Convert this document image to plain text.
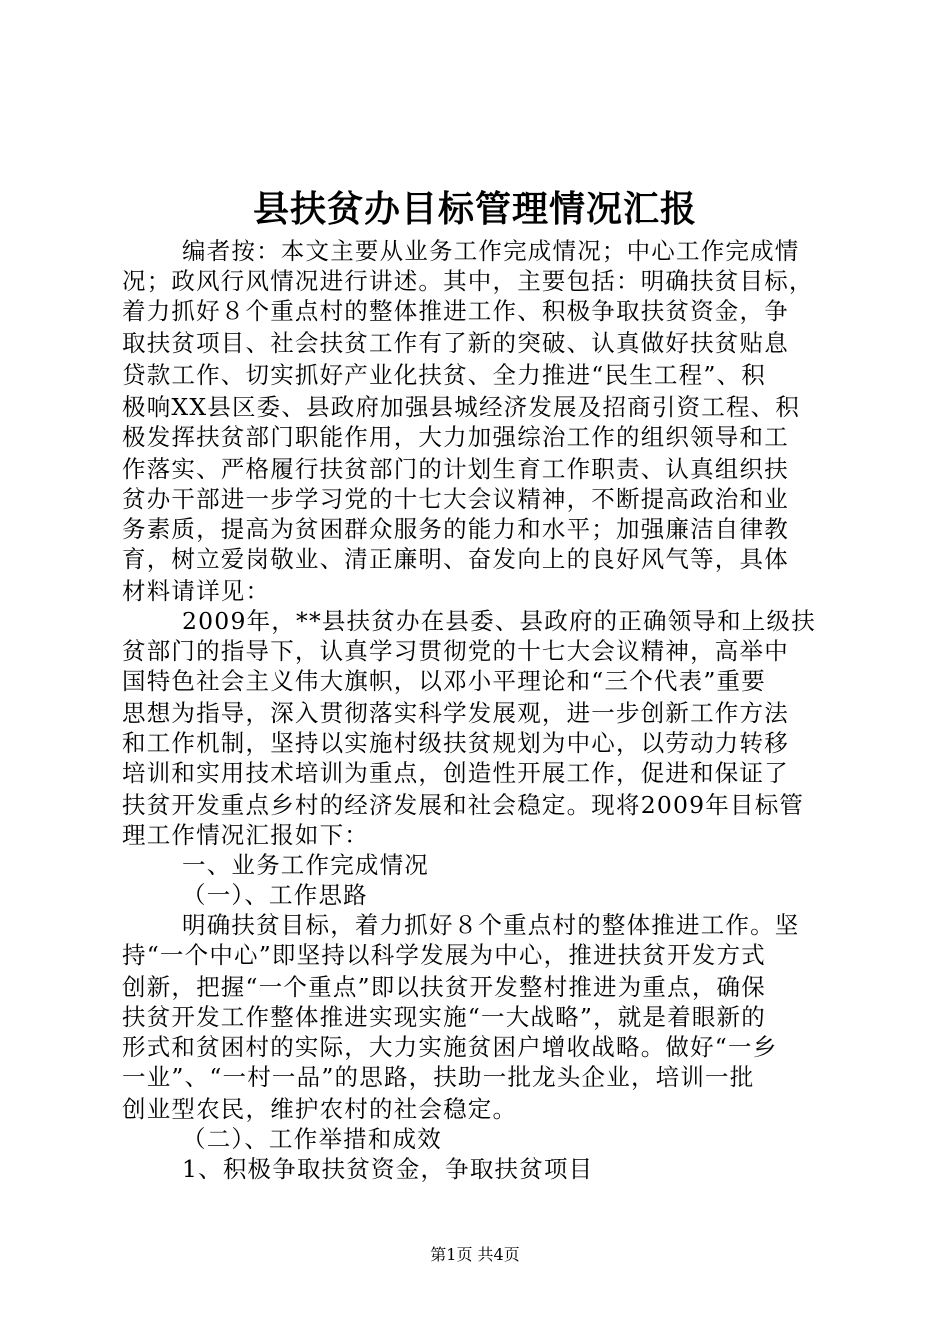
县扶贫办目标管理情况汇报
编者按：本文主要从业务工作完成情况；中心工作完成情
况；政风行风情况进行讲述。其中，主要包括：明确扶贫目标，
着力抓好８个重点村的整体推进工作、积极争取扶贫资金，争
取扶贫项目、社会扶贫工作有了新的突破、认真做好扶贫贴息
贷款工作、切实抓好产业化扶贫、全力推进“民生工程”、积
极响XX县区委、县政府加强县城经济发展及招商引资工程、积
极发挥扶贫部门职能作用，大力加强综治工作的组织领导和工
作落实、严格履行扶贫部门的计划生育工作职责、认真组织扶
贫办干部进一步学习党的十七大会议精神，不断提高政治和业
务素质，提高为贫困群众服务的能力和水平；加强廉洁自律教
育，树立爱岗敬业、清正廉明、奋发向上的良好风气等，具体
材料请详见：
2009年，**县扶贫办在县委、县政府的正确领导和上级扶
贫部门的指导下，认真学习贯彻党的十七大会议精神，高举中
国特色社会主义伟大旗帜，以邓小平理论和“三个代表”重要
思想为指导，深入贯彻落实科学发展观，进一步创新工作方法
和工作机制，坚持以实施村级扶贫规划为中心，以劳动力转移
培训和实用技术培训为重点，创造性开展工作，促进和保证了
扶贫开发重点乡村的经济发展和社会稳定。现将2009年目标管
理工作情况汇报如下：
一、业务工作完成情况
（一）、工作思路
明确扶贫目标，着力抓好８个重点村的整体推进工作。坚
持“一个中心”即坚持以科学发展为中心，推进扶贫开发方式
创新，把握“一个重点”即以扶贫开发整村推进为重点，确保
扶贫开发工作整体推进实现实施“一大战略”，就是着眼新的
形式和贫困村的实际，大力实施贫困户增收战略。做好“一乡
一业”、“一村一品”的思路，扶助一批龙头企业，培训一批
创业型农民，维护农村的社会稳定。
（二）、工作举措和成效
1、积极争取扶贫资金，争取扶贫项目
第1页 共4页
